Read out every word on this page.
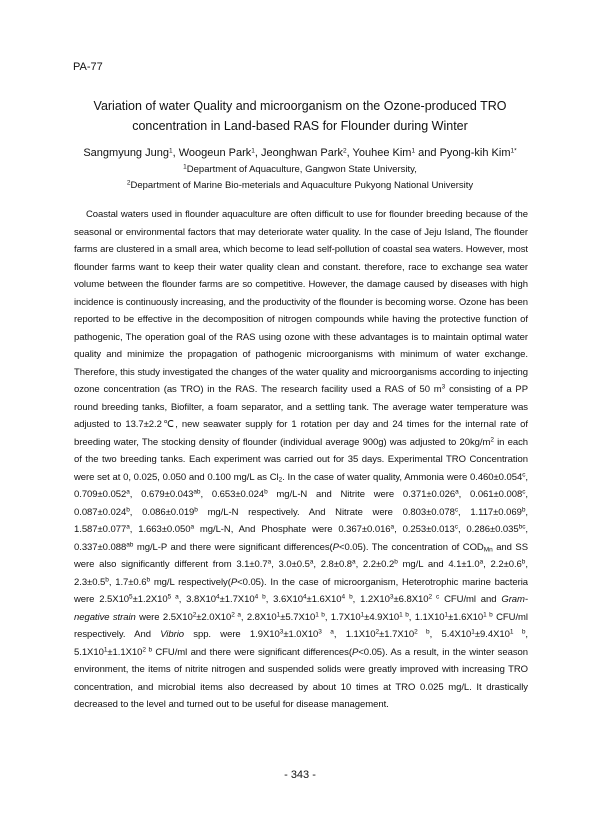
PA-77
Variation of water Quality and microorganism on the Ozone-produced TRO
concentration in Land-based RAS for Flounder during Winter
Sangmyung Jung$^1$, Woogeun Park$^1$, Jeonghwan Park$^2$, Youhee Kim$^1$ and Pyong-kih Kim$^{1*}$
$^1$Department of Aquaculture, Gangwon State University,
$^2$Department of Marine Bio-meterials and Aquaculture Pukyong National University

Coastal waters used in flounder aquaculture are often difficult to use for flounder breeding because of the seasonal or environmental factors that may deteriorate water quality. In the case of Jeju Island, The flounder farms are clustered in a small area, which become to lead self-pollution of coastal sea waters. However, most flounder farms want to keep their water quality clean and constant. therefore, race to exchange sea water volume between the flounder farms are so competitive. However, the damage caused by diseases with high incidence is continuously increasing, and the productivity of the flounder is becoming worse. Ozone has been reported to be effective in the decomposition of nitrogen compounds while having the protective function of pathogenic, The operation goal of the RAS using ozone with these advantages is to maintain optimal water quality and minimize the propagation of pathogenic microorganisms with minimum of water exchange. Therefore, this study investigated the changes of the water quality and microorganisms according to injecting ozone concentration (as TRO) in the RAS. The research facility used a RAS of 50 $m^3$ consisting of a PP round breeding tanks, Biofilter, a foam separator, and a settling tank. The average water temperature was adjusted to 13.7±2.2℃, new seawater supply for 1 rotation per day and 24 times for the internal rate of breeding water, The stocking density of flounder (individual average 900g) was adjusted to $20kg/m^2$ in each of the two breeding tanks. Each experiment was carried out for 35 days. Experimental TRO Concentration were set at 0, 0.025, 0.050 and 0.100 mg/L as $Cl_2$. In the case of water quality, Ammonia were 0.460±0.054$^c$, 0.709±0.052$^a$, 0.679±0.043$^{ab}$, 0.653±0.024$^b$ mg/L-N and Nitrite were 0.371±0.026$^a$, 0.061±0.008$^c$, 0.087±0.024$^b$, 0.086±0.019$^b$ mg/L-N respectively. And Nitrate were 0.803±0.078$^c$, 1.117±0.069$^b$, 1.587±0.077$^a$, 1.663±0.050$^a$ mg/L-N, And Phosphate were 0.367±0.016$^a$, 0.253±0.013$^c$, 0.286±0.035$^{bc}$, 0.337±0.088$^{ab}$ mg/L-P and there were significant differences(P<0.05). The concentration of $COD_{Mn}$ and SS were also significantly different from 3.1±0.7$^a$, 3.0±0.5$^a$, 2.8±0.8$^a$, 2.2±0.2$^b$ mg/L and 4.1±1.0$^a$, 2.2±0.6$^b$, 2.3±0.5$^b$, 1.7±0.6$^b$ mg/L respectively(P<0.05). In the case of microorganism, Heterotrophic marine bacteria were $2.5X10^5\pm 1.2X10^{5 a}$, $3.8X10^4\pm 1.7X10^{4 b}$, $3.6X10^4\pm 1.6X10^{4 b}$, $1.2X10^3\pm 6.8X10^{2 c}$ CFU/ml and Gram-negative strain were $2.5X10^2\pm 2.0X10^{2 a}$, $2.8X10^1\pm 5.7X10^{1 b}$, $1.7X10^1\pm 4.9X10^{1 b}$, $1.1X10^1\pm 1.6X10^{1 b}$ CFU/ml respectively. And Vibrio spp. were $1.9X10^3\pm 1.0X10^{3 a}$, $1.1X10^2\pm 1.7X10^{2 b}$, $5.4X10^1\pm 9.4X10^{1 b}$, $5.1X10^1\pm 1.1X10^{2 b}$ CFU/ml and there were significant differences(P<0.05). As a result, in the winter season environment, the items of nitrite nitrogen and suspended solids were greatly improved with increasing TRO concentration, and microbial items also decreased by about 10 times at TRO 0.025 mg/L. It drastically decreased to the level and turned out to be useful for disease management.

- 343 -
